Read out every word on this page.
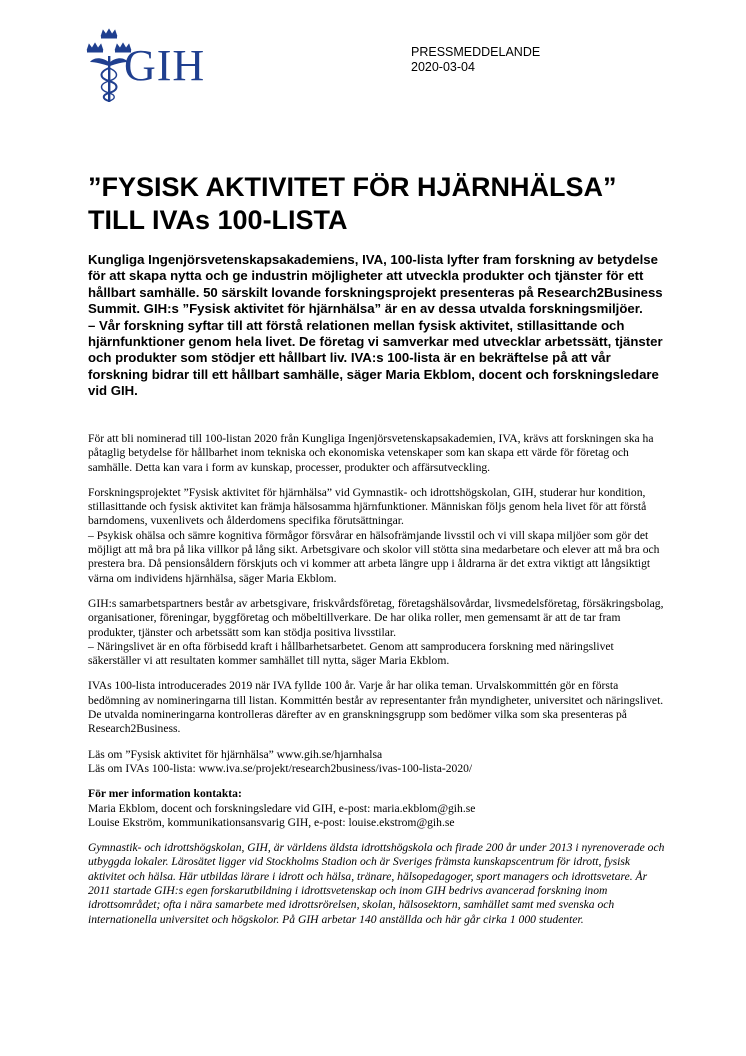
GIH	PRESSMEDDELANDE
2020-03-04
”FYSISK AKTIVITET FÖR HJÄRNHÄLSA” TILL IVAs 100-LISTA
Kungliga Ingenjörsvetenskapsakademiens, IVA, 100-lista lyfter fram forskning av betydelse för att skapa nytta och ge industrin möjligheter att utveckla produkter och tjänster för ett hållbart samhälle. 50 särskilt lovande forskningsprojekt presenteras på Research2Business Summit. GIH:s ”Fysisk aktivitet för hjärnhälsa” är en av dessa utvalda forskningsmiljöer.
– Vår forskning syftar till att förstå relationen mellan fysisk aktivitet, stillasittande och hjärnfunktioner genom hela livet. De företag vi samverkar med utvecklar arbetssätt, tjänster och produkter som stödjer ett hållbart liv. IVA:s 100-lista är en bekräftelse på att vår forskning bidrar till ett hållbart samhälle, säger Maria Ekblom, docent och forskningsledare vid GIH.

För att bli nominerad till 100-listan 2020 från Kungliga Ingenjörsvetenskapsakademien, IVA, krävs att forskningen ska ha påtaglig betydelse för hållbarhet inom tekniska och ekonomiska vetenskaper som kan skapa ett värde för företag och samhälle. Detta kan vara i form av kunskap, processer, produkter och affärsutveckling.

Forskningsprojektet ”Fysisk aktivitet för hjärnhälsa” vid Gymnastik- och idrottshögskolan, GIH, studerar hur kondition, stillasittande och fysisk aktivitet kan främja hälsosamma hjärnfunktioner. Människan följs genom hela livet för att förstå barndomens, vuxenlivets och ålderdomens specifika förutsättningar.
– Psykisk ohälsa och sämre kognitiva förmågor försvårar en hälsofrämjande livsstil och vi vill skapa miljöer som gör det möjligt att må bra på lika villkor på lång sikt. Arbetsgivare och skolor vill stötta sina medarbetare och elever att må bra och prestera bra. Då pensionsåldern förskjuts och vi kommer att arbeta längre upp i åldrarna är det extra viktigt att långsiktigt värna om individens hjärnhälsa, säger Maria Ekblom.

GIH:s samarbetspartners består av arbetsgivare, friskvårdsföretag, företagshälsovårdar, livsmedelsföretag, försäkringsbolag, organisationer, föreningar, byggföretag och möbeltillverkare. De har olika roller, men gemensamt är att de tar fram produkter, tjänster och arbetssätt som kan stödja positiva livsstilar.
– Näringslivet är en ofta förbisedd kraft i hållbarhetsarbetet. Genom att samproducera forskning med näringslivet säkerställer vi att resultaten kommer samhället till nytta, säger Maria Ekblom.

IVAs 100-lista introducerades 2019 när IVA fyllde 100 år. Varje år har olika teman. Urvalskommittén gör en första bedömning av nomineringarna till listan. Kommittén består av representanter från myndigheter, universitet och näringslivet. De utvalda nomineringarna kontrolleras därefter av en granskningsgrupp som bedömer vilka som ska presenteras på Research2Business.

Läs om ”Fysisk aktivitet för hjärnhälsa” www.gih.se/hjarnhalsa
Läs om IVAs 100-lista: www.iva.se/projekt/research2business/ivas-100-lista-2020/

För mer information kontakta:
Maria Ekblom, docent och forskningsledare vid GIH, e-post: maria.ekblom@gih.se
Louise Ekström, kommunikationsansvarig GIH, e-post: louise.ekstrom@gih.se

Gymnastik- och idrottshögskolan, GIH, är världens äldsta idrottshögskola och firade 200 år under 2013 i nyrenoverade och utbyggda lokaler. Lärosätet ligger vid Stockholms Stadion och är Sveriges främsta kunskapscentrum för idrott, fysisk aktivitet och hälsa. Här utbildas lärare i idrott och hälsa, tränare, hälsopedagoger, sport managers och idrottsvetare. År 2011 startade GIH:s egen forskarutbildning i idrottsvetenskap och inom GIH bedrivs avancerad forskning inom idrottsområdet; ofta i nära samarbete med idrottsrörelsen, skolan, hälsosektorn, samhället samt med svenska och internationella universitet och högskolor. På GIH arbetar 140 anställda och här går cirka 1 000 studenter.
